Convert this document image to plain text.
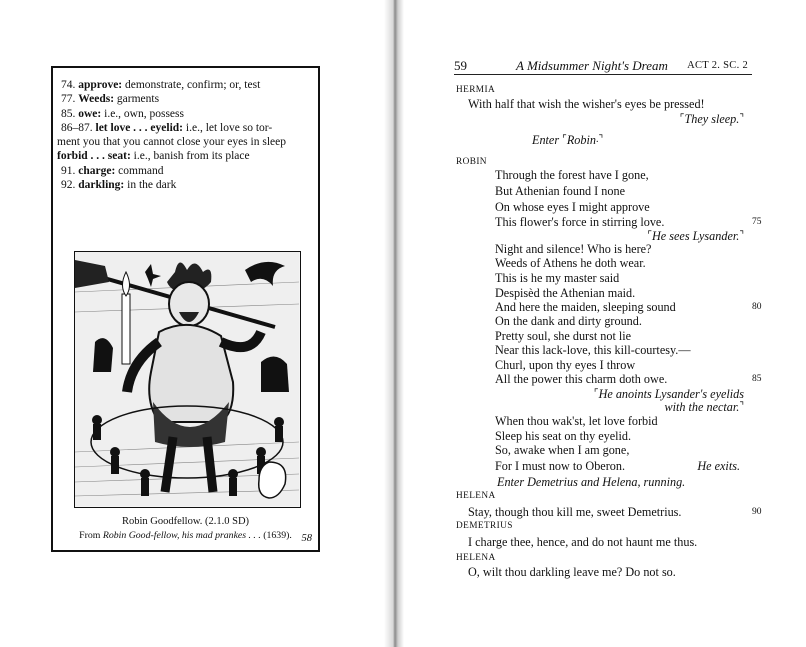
74. approve: demonstrate, confirm; or, test
77. Weeds: garments
85. owe: i.e., own, possess
86–87. let love . . . eyelid: i.e., let love so tor-
ment you that you cannot close your eyes in sleep
forbid . . . seat: i.e., banish from its place
91. charge: command
92. darkling: in the dark
Robin Goodfellow. (2.1.0 SD)
From Robin Good-fellow, his mad prankes . . . (1639). 58
59	A Midsummer Night's Dream ACT 2. SC. 2
HERMIA
With half that wish the wisher's eyes be pressed!
⌜They sleep.⌝
Enter ⌜Robin.⌝
ROBIN
Through the forest have I gone,
But Athenian found I none
On whose eyes I might approve
This flower's force in stirring love.	75
⌜He sees Lysander.⌝
Night and silence! Who is here?
Weeds of Athens he doth wear.
This is he my master said
Despisèd the Athenian maid.
And here the maiden, sleeping sound	80
On the dank and dirty ground.
Pretty soul, she durst not lie
Near this lack-love, this kill-courtesy.—
Churl, upon thy eyes I throw
All the power this charm doth owe.	85
⌜He anoints Lysander's eyelids
with the nectar.⌝
When thou wak'st, let love forbid
Sleep his seat on thy eyelid.
So, awake when I am gone,
For I must now to Oberon.	He exits.
Enter Demetrius and Helena, running.
HELENA
Stay, though thou kill me, sweet Demetrius.	90
DEMETRIUS
I charge thee, hence, and do not haunt me thus.
HELENA
O, wilt thou darkling leave me? Do not so.
